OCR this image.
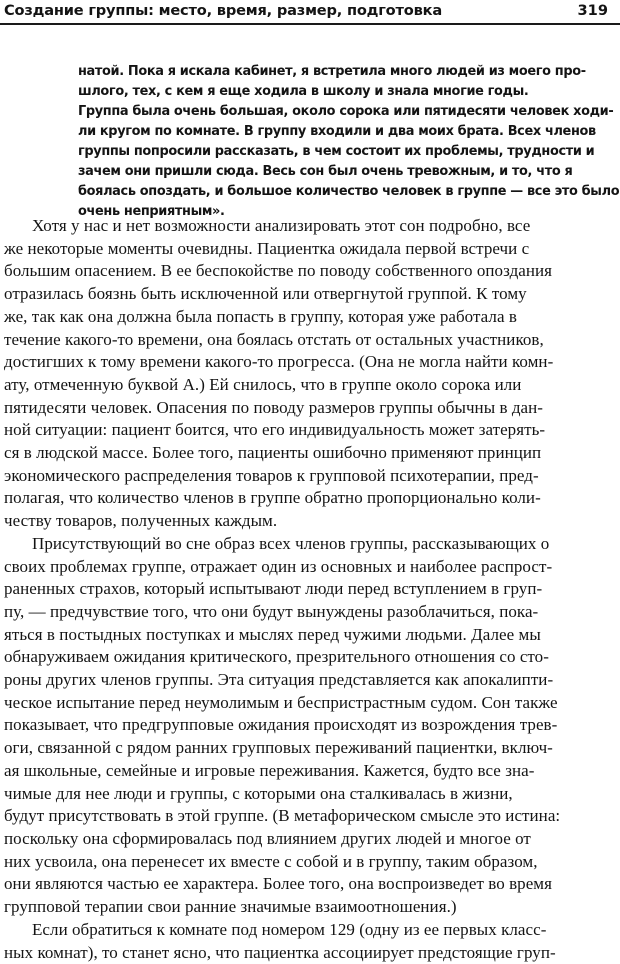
Создание группы: место, время, размер, подготовка	319
натой. Пока я искала кабинет, я встретила много людей из моего про-
шлого, тех, с кем я еще ходила в школу и знала многие годы.
Группа была очень большая, около сорока или пятидесяти человек ходи-
ли кругом по комнате. В группу входили и два моих брата. Всех членов
группы попросили рассказать, в чем состоит их проблемы, трудности и
зачем они пришли сюда. Весь сон был очень тревожным, и то, что я
боялась опоздать, и большое количество человек в группе — все это было
очень неприятным».
Хотя у нас и нет возможности анализировать этот сон подробно, все
же некоторые моменты очевидны. Пациентка ожидала первой встречи с
большим опасением. В ее беспокойстве по поводу собственного опоздания
отразилась боязнь быть исключенной или отвергнутой группой. К тому
же, так как она должна была попасть в группу, которая уже работала в
течение какого-то времени, она боялась отстать от остальных участников,
достигших к тому времени какого-то прогресса. (Она не могла найти комн-
ату, отмеченную буквой А.) Ей снилось, что в группе около сорока или
пятидесяти человек. Опасения по поводу размеров группы обычны в дан-
ной ситуации: пациент боится, что его индивидуальность может затерять-
ся в людской массе. Более того, пациенты ошибочно применяют принцип
экономического распределения товаров к групповой психотерапии, пред-
полагая, что количество членов в группе обратно пропорционально коли-
честву товаров, полученных каждым.
Присутствующий во сне образ всех членов группы, рассказывающих о
своих проблемах группе, отражает один из основных и наиболее распрост-
раненных страхов, который испытывают люди перед вступлением в груп-
пу, — предчувствие того, что они будут вынуждены разоблачиться, пока-
яться в постыдных поступках и мыслях перед чужими людьми. Далее мы
обнаруживаем ожидания критического, презрительного отношения со сто-
роны других членов группы. Эта ситуация представляется как апокалипти-
ческое испытание перед неумолимым и беспристрастным судом. Сон также
показывает, что предгрупповые ожидания происходят из возрождения трев-
оги, связанной с рядом ранних групповых переживаний пациентки, включ-
ая школьные, семейные и игровые переживания. Кажется, будто все зна-
чимые для нее люди и группы, с которыми она сталкивалась в жизни,
будут присутствовать в этой группе. (В метафорическом смысле это истина:
поскольку она сформировалась под влиянием других людей и многое от
них усвоила, она перенесет их вместе с собой и в группу, таким образом,
они являются частью ее характера. Более того, она воспроизведет во время
групповой терапии свои ранние значимые взаимоотношения.)
Если обратиться к комнате под номером 129 (одну из ее первых класс-
ных комнат), то станет ясно, что пациентка ассоциирует предстоящие груп-
